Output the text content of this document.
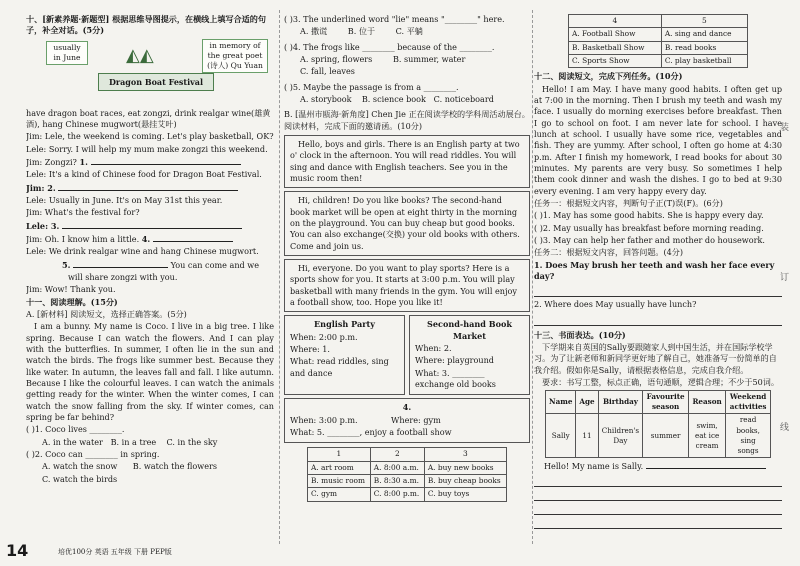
十、[新素养题·新题型] 根据思维导图提示，在横线上填写合适的句子，补全对话。(5分)

usually in June	◭◭
Dragon Boat Festival
in memory of the great poet (诗人) Qu Yuan

have dragon boat races, eat zongzi, drink realgar wine(雄黄酒), hang Chinese mugwort(悬挂艾叶)

Jim: Lele, the weekend is coming. Let's play basketball, OK?

Lele: Sorry. I will help my mum make zongzi this weekend.

Jim: Zongzi? 1.

Lele: It's a kind of Chinese food for Dragon Boat Festival.

Jim: 2.

Lele: Usually in June. It's on May 31st this year.

Jim: What's the festival for?

Lele: 3.

Jim: Oh. I know him a little. 4.

Lele: We drink realgar wine and hang Chinese mugwort.

5.	You can come and we

will share zongzi with you.

Jim: Wow! Thank you.

十一、阅读理解。(15分)

A. [新材料] 阅读短文，选择正确答案。(5分)

I am a bunny. My name is Coco. I live in a big tree. I like spring. Because I can watch the flowers. And I can play with the butterflies. In summer, I often lie in the sun and watch the birds. The frogs like summer best. Because they like water. In autumn, the leaves fall and fall. I like autumn. Because I like the colourful leaves. I can watch the animals getting ready for the winter. When the winter comes, I can watch the snow falling from the sky. If winter comes, can spring be far behind?

( )1. Coco lives ________.

A. in the water B. in a tree C. in the sky

( )2. Coco can ________ in spring.

A. watch the snow B. watch the flowers

C. watch the birds

14	培优100分 英语 五年级 下册 PEP版

( )3. The underlined word "lie" means "________" here.

A. 撒谎	B. 位于	C. 平躺

( )4. The frogs like ________ because of the ________.

A. spring, flowers	B. summer, water

C. fall, leaves

( )5. Maybe the passage is from a ________.

A. storybook B. science book C. noticeboard

B. [温州市瓯海·新角度] Chen Jie 正在阅读学校的学科周活动展台。阅读材料，完成下面的邀请函。(10分)

Hello, boys and girls. There is an English party at two o' clock in the afternoon. You will read riddles. You will sing and dance with English teachers. See you in the music room then!
Hi, children! Do you like books? The second-hand book market will be open at eight thirty in the morning on the playground. You can buy cheap but good books. You can also exchange(交换) your old books with others. Come and join us.
Hi, everyone. Do you want to play sports? Here is a sports show for you. It starts at 3:00 p.m. You will play basketball with many friends in the gym. You will enjoy a football show, too. Hope you like it!

English Party

When: 2:00 p.m.

Where: 1.

What: read riddles, sing and dance

Second-hand Book Market

When: 2.

Where: playground

What: 3. ________ exchange old books

4.

When: 3:00 p.m.	Where: gym

What: 5. ________, enjoy a football show

1	2	3
A. art room	A. 8:00 a.m.	A. buy new books
B. music room	B. 8:30 a.m.	B. buy cheap books
C. gym	C. 8:00 p.m.	C. buy toys
4	5
A. Football Show	A. sing and dance
B. Basketball Show	B. read books
C. Sports Show	C. play basketball

十二、阅读短文，完成下列任务。(10分)

Hello! I am May. I have many good habits. I often get up at 7:00 in the morning. Then I brush my teeth and wash my face. I usually do morning exercises before breakfast. Then I go to school on foot. I am never late for school. I have lunch at school. I usually have some rice, vegetables and fish. They are yummy. After school, I often go home at 4:30 p.m. After I finish my homework, I read books for about 30 minutes. My parents are very busy. So sometimes I help them cook dinner and wash the dishes. I go to bed at 9:30 every evening. I am very happy every day.

任务一：根据短文内容，判断句子正(T)误(F)。(6分)

( )1. May has some good habits. She is happy every day.

( )2. May usually has breakfast before morning reading.

( )3. May can help her father and mother do housework.

任务二：根据短文内容，回答问题。(4分)

1. Does May brush her teeth and wash her face every day?

2. Where does May usually have lunch?

十三、书面表达。(10分)

下学期来自英国的Sally要跟随家人到中国生活，并在国际学校学习。为了让新老师和新同学更好地了解自己，她准备写一份简单的自我介绍。假如你是Sally，请根据表格信息，完成自我介绍。

要求：书写工整，标点正确，语句通顺，逻辑合理；不少于50词。

Name	Age	Birthday	Favourite season	Reason	Weekend activities
Sally	11	Children's Day	summer	swim, eat ice cream	read books, sing songs

Hello! My name is Sally.

装
订
线
